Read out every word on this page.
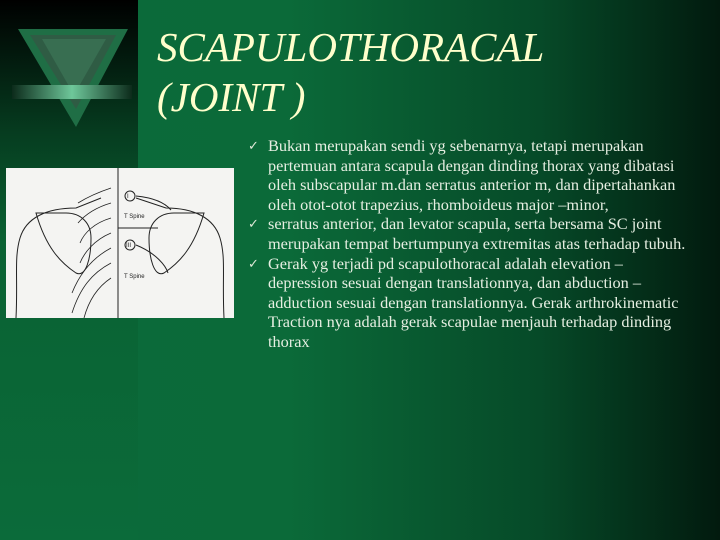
SCAPULOTHORACAL
(JOINT )
I
T Spine
III
T Spine

✓ Bukan merupakan sendi yg sebenarnya, tetapi merupakan pertemuan antara scapula dengan dinding thorax yang dibatasi oleh subscapular m.dan serratus anterior m, dan dipertahankan oleh otot-otot trapezius, rhomboideus major –minor,

✓ serratus anterior, dan levator scapula, serta bersama SC joint merupakan tempat bertumpunya extremitas atas terhadap tubuh.

✓ Gerak yg terjadi pd scapulothoracal adalah elevation – depression sesuai dengan translationnya, dan abduction – adduction sesuai dengan translationnya. Gerak arthrokinematic Traction nya adalah gerak scapulae menjauh terhadap dinding thorax
